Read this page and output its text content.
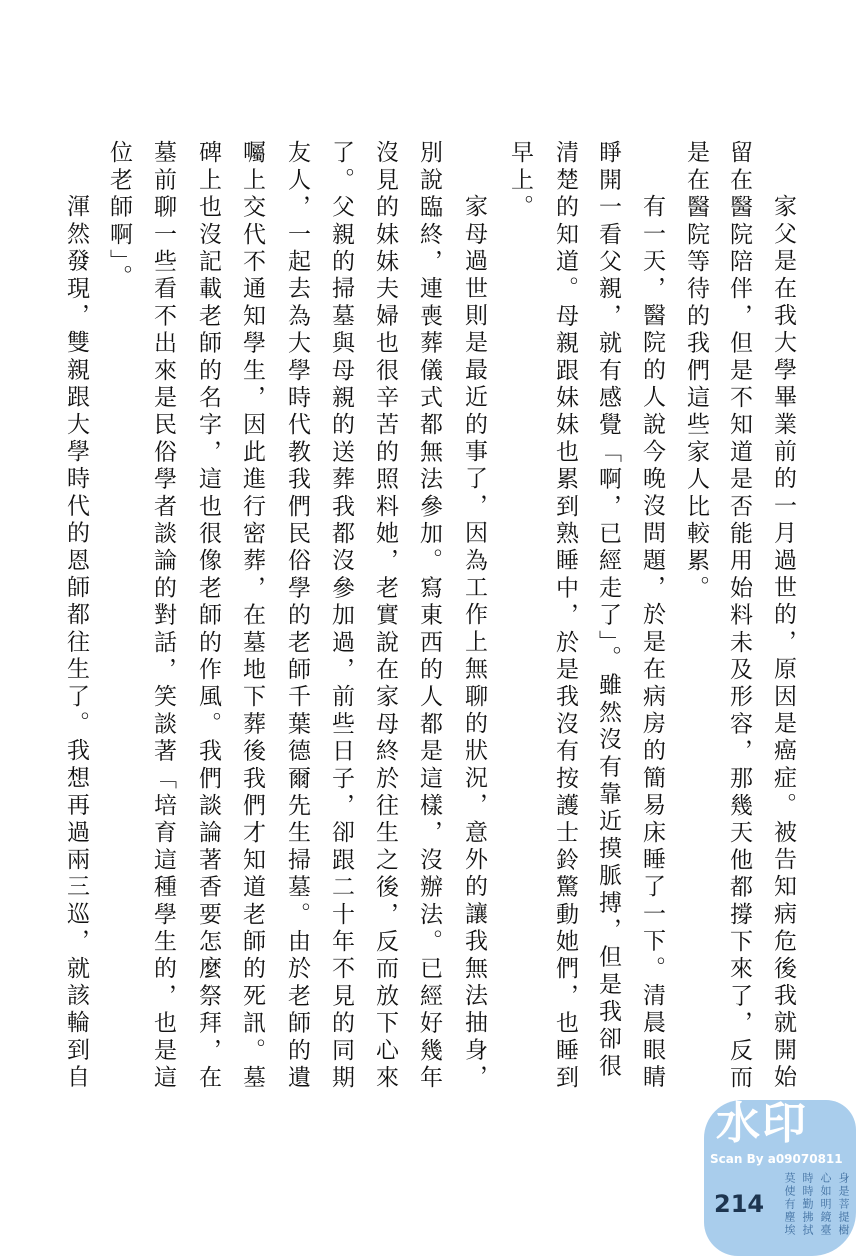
家父是在我大學畢業前的一月過世的，原因是癌症。被告知病危後我就開始
留在醫院陪伴，但是不知道是否能用始料未及形容，那幾天他都撐下來了，反而
是在醫院等待的我們這些家人比較累。
有一天，醫院的人說今晚沒問題，於是在病房的簡易床睡了一下。清晨眼睛
睜開一看父親，就有感覺「啊，已經走了」。雖然沒有靠近摸脈搏，但是我卻很
清楚的知道。母親跟妹妹也累到熟睡中，於是我沒有按護士鈴驚動她們，也睡到
早上。
家母過世則是最近的事了，因為工作上無聊的狀況，意外的讓我無法抽身，
別說臨終，連喪葬儀式都無法參加。寫東西的人都是這樣，沒辦法。已經好幾年
沒見的妹妹夫婦也很辛苦的照料她，老實說在家母終於往生之後，反而放下心來
了。父親的掃墓與母親的送葬我都沒參加過，前些日子，卻跟二十年不見的同期
友人，一起去為大學時代教我們民俗學的老師千葉德爾先生掃墓。由於老師的遺
囑上交代不通知學生，因此進行密葬，在墓地下葬後我們才知道老師的死訊。墓
碑上也沒記載老師的名字，這也很像老師的作風。我們談論著香要怎麼祭拜，在
墓前聊一些看不出來是民俗學者談論的對話，笑談著「培育這種學生的，也是這
位老師啊」。
渾然發現，雙親跟大學時代的恩師都往生了。我想再過兩三巡，就該輪到自
水印
Scan By a09070811
身是菩提樹
心如明鏡臺
時時勤拂拭
莫使有塵埃
214
